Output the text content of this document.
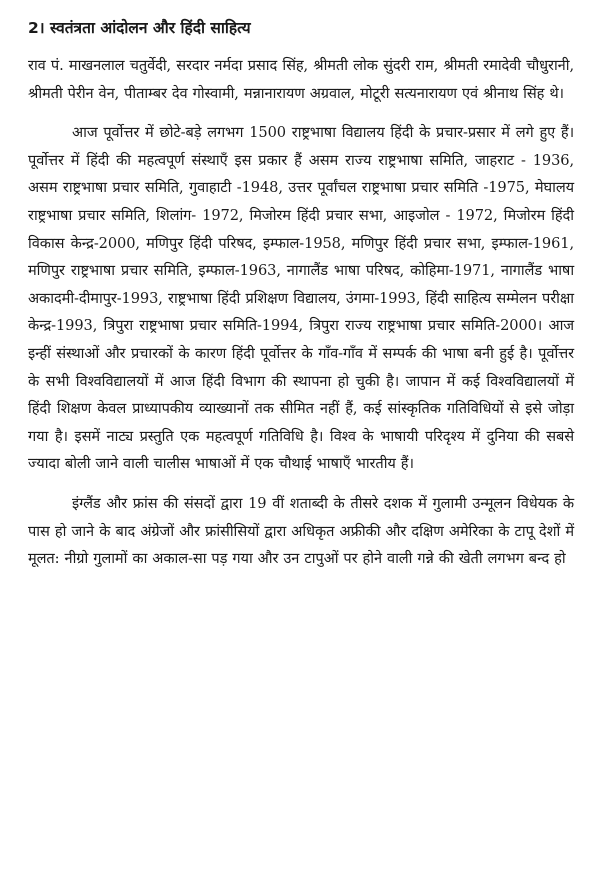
2। स्वतंत्रता आंदोलन और हिंदी साहित्य

राव पं. माखनलाल चतुर्वेदी, सरदार नर्मदा प्रसाद सिंह, श्रीमती लोक सुंदरी राम, श्रीमती रमादेवी चौधुरानी, श्रीमती पेरीन वेन, पीताम्बर देव गोस्वामी, मन्नानारायण अग्रवाल, मोटूरी सत्यनारायण एवं श्रीनाथ सिंह थे।

आज पूर्वोत्तर में छोटे-बड़े लगभग 1500 राष्ट्रभाषा विद्यालय हिंदी के प्रचार-प्रसार में लगे हुए हैं। पूर्वोत्तर में हिंदी की महत्वपूर्ण संस्थाएँ इस प्रकार हैं असम राज्य राष्ट्रभाषा समिति, जाहराट - 1936, असम राष्ट्रभाषा प्रचार समिति, गुवाहाटी -1948, उत्तर पूर्वांचल राष्ट्रभाषा प्रचार समिति -1975, मेघालय राष्ट्रभाषा प्रचार समिति, शिलांग- 1972, मिजोरम हिंदी प्रचार सभा, आइजोल - 1972, मिजोरम हिंदी विकास केन्द्र-2000, मणिपुर हिंदी परिषद, इम्फाल-1958, मणिपुर हिंदी प्रचार सभा, इम्फाल-1961, मणिपुर राष्ट्रभाषा प्रचार समिति, इम्फाल-1963, नागालैंड भाषा परिषद, कोहिमा-1971, नागालैंड भाषा अकादमी-दीमापुर-1993, राष्ट्रभाषा हिंदी प्रशिक्षण विद्यालय, उंगमा-1993, हिंदी साहित्य सम्मेलन परीक्षा केन्द्र-1993, त्रिपुरा राष्ट्रभाषा प्रचार समिति-1994, त्रिपुरा राज्य राष्ट्रभाषा प्रचार समिति-2000। आज इन्हीं संस्थाओं और प्रचारकों के कारण हिंदी पूर्वोत्तर के गाँव-गाँव में सम्पर्क की भाषा बनी हुई है। पूर्वोत्तर के सभी विश्वविद्यालयों में आज हिंदी विभाग की स्थापना हो चुकी है। जापान में कई विश्वविद्यालयों में हिंदी शिक्षण केवल प्राध्यापकीय व्याख्यानों तक सीमित नहीं हैं, कई सांस्कृतिक गतिविधियों से इसे जोड़ा गया है। इसमें नाट्य प्रस्तुति एक महत्वपूर्ण गतिविधि है। विश्व के भाषायी परिदृश्य में दुनिया की सबसे ज्यादा बोली जाने वाली चालीस भाषाओं में एक चौथाई भाषाएँ भारतीय हैं।

इंग्लैंड और फ्रांस की संसदों द्वारा 19 वीं शताब्दी के तीसरे दशक में गुलामी उन्मूलन विधेयक के पास हो जाने के बाद अंग्रेजों और फ्रांसीसियों द्वारा अधिकृत अफ्रीकी और दक्षिण अमेरिका के टापू देशों में मूलत: नीग्रो गुलामों का अकाल-सा पड़ गया और उन टापुओं पर होने वाली गन्ने की खेती लगभग बन्द हो
